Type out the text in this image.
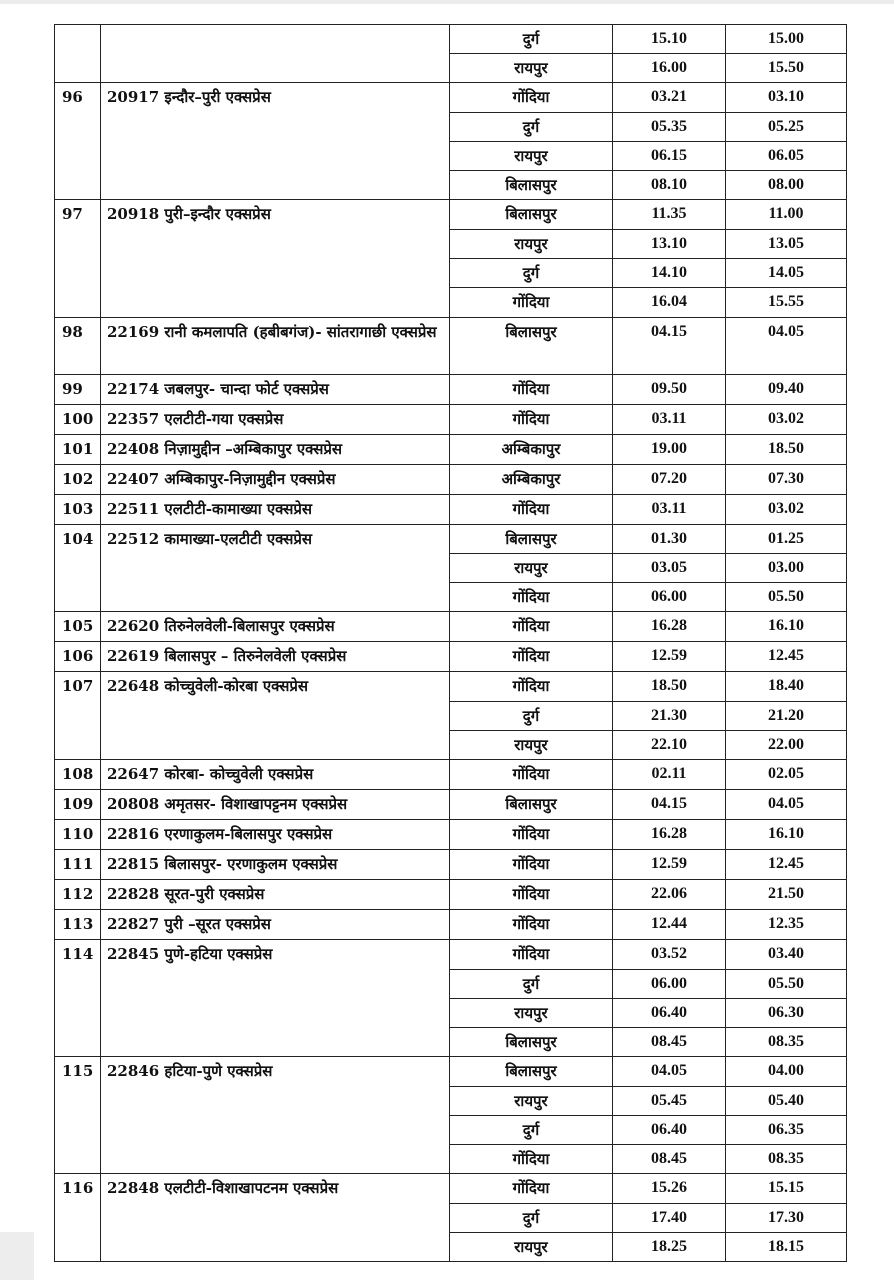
		दुर्ग	15.10	15.00
		रायपुर	16.00	15.50
96	20917 इन्दौर–पुरी एक्सप्रेस	गोंदिया	03.21	03.10
		दुर्ग	05.35	05.25
		रायपुर	06.15	06.05
		बिलासपुर	08.10	08.00
97	20918 पुरी–इन्दौर एक्सप्रेस	बिलासपुर	11.35	11.00
		रायपुर	13.10	13.05
		दुर्ग	14.10	14.05
		गोंदिया	16.04	15.55
98	22169 रानी कमलापति (हबीबगंज)- सांतरागाछी एक्सप्रेस	बिलासपुर	04.15	04.05
99	22174 जबलपुर- चान्दा फोर्ट एक्सप्रेस	गोंदिया	09.50	09.40
100	22357 एलटीटी-गया एक्सप्रेस	गोंदिया	03.11	03.02
101	22408 निज़ामुद्दीन –अम्बिकापुर एक्सप्रेस	अम्बिकापुर	19.00	18.50
102	22407 अम्बिकापुर-निज़ामुद्दीन एक्सप्रेस	अम्बिकापुर	07.20	07.30
103	22511 एलटीटी-कामाख्या एक्सप्रेस	गोंदिया	03.11	03.02
104	22512 कामाख्या-एलटीटी एक्सप्रेस	बिलासपुर	01.30	01.25
		रायपुर	03.05	03.00
		गोंदिया	06.00	05.50
105	22620 तिरुनेलवेली-बिलासपुर एक्सप्रेस	गोंदिया	16.28	16.10
106	22619 बिलासपुर – तिरुनेलवेली एक्सप्रेस	गोंदिया	12.59	12.45
107	22648 कोच्चुवेली-कोरबा एक्सप्रेस	गोंदिया	18.50	18.40
		दुर्ग	21.30	21.20
		रायपुर	22.10	22.00
108	22647 कोरबा- कोच्चुवेली एक्सप्रेस	गोंदिया	02.11	02.05
109	20808 अमृतसर- विशाखापट्टनम एक्सप्रेस	बिलासपुर	04.15	04.05
110	22816 एरणाकुलम-बिलासपुर एक्सप्रेस	गोंदिया	16.28	16.10
111	22815 बिलासपुर- एरणाकुलम एक्सप्रेस	गोंदिया	12.59	12.45
112	22828 सूरत-पुरी एक्सप्रेस	गोंदिया	22.06	21.50
113	22827 पुरी –सूरत एक्सप्रेस	गोंदिया	12.44	12.35
114	22845 पुणे-हटिया एक्सप्रेस	गोंदिया	03.52	03.40
		दुर्ग	06.00	05.50
		रायपुर	06.40	06.30
		बिलासपुर	08.45	08.35
115	22846 हटिया-पुणे एक्सप्रेस	बिलासपुर	04.05	04.00
		रायपुर	05.45	05.40
		दुर्ग	06.40	06.35
		गोंदिया	08.45	08.35
116	22848 एलटीटी-विशाखापटनम एक्सप्रेस	गोंदिया	15.26	15.15
		दुर्ग	17.40	17.30
		रायपुर	18.25	18.15
